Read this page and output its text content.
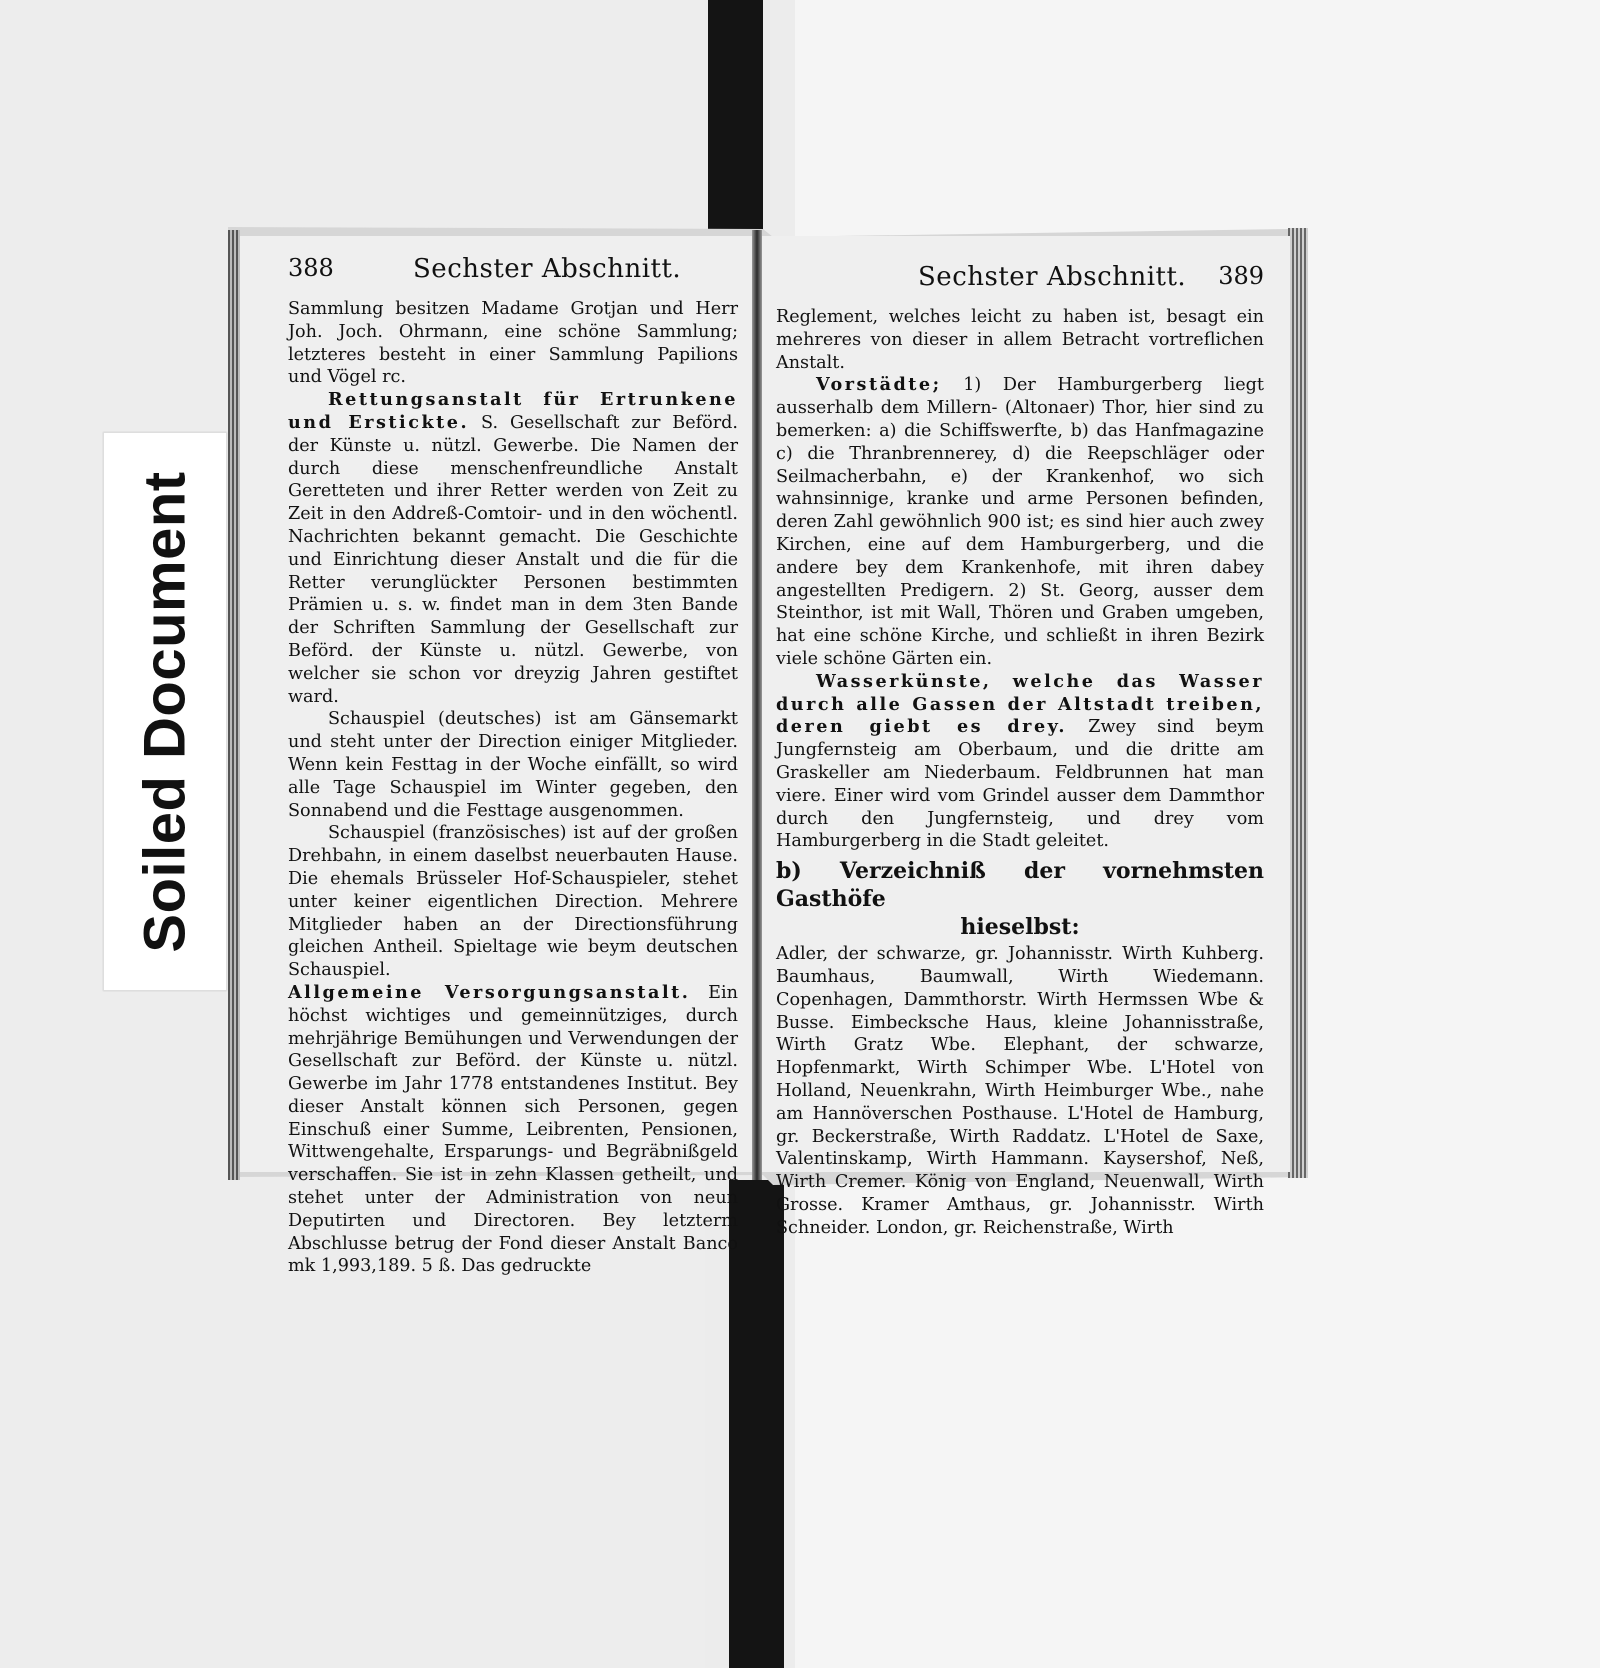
388	Sechster Abschnitt.

Sammlung besitzen Madame Grotjan und Herr Joh. Joch. Ohrmann, eine schöne Sammlung; letzteres besteht in einer Sammlung Papilions und Vögel rc.

Rettungsanstalt für Ertrunkene und Erstickte. S. Gesellschaft zur Beförd. der Künste u. nützl. Gewerbe. Die Namen der durch diese menschenfreundliche Anstalt Geretteten und ihrer Retter werden von Zeit zu Zeit in den Addreß-Comtoir- und in den wöchentl. Nachrichten bekannt gemacht. Die Geschichte und Einrichtung dieser Anstalt und die für die Retter verunglückter Personen bestimmten Prämien u. s. w. findet man in dem 3ten Bande der Schriften Sammlung der Gesellschaft zur Beförd. der Künste u. nützl. Gewerbe, von welcher sie schon vor dreyzig Jahren gestiftet ward.

Schauspiel (deutsches) ist am Gänsemarkt und steht unter der Direction einiger Mitglieder. Wenn kein Festtag in der Woche einfällt, so wird alle Tage Schauspiel im Winter gegeben, den Sonnabend und die Festtage ausgenommen.

Schauspiel (französisches) ist auf der großen Drehbahn, in einem daselbst neuerbauten Hause. Die ehemals Brüsseler Hof-Schauspieler, stehet unter keiner eigentlichen Direction. Mehrere Mitglieder haben an der Directionsführung gleichen Antheil. Spieltage wie beym deutschen Schauspiel.

Allgemeine Versorgungsanstalt. Ein höchst wichtiges und gemeinnütziges, durch mehrjährige Bemühungen und Verwendungen der Gesellschaft zur Beförd. der Künste u. nützl. Gewerbe im Jahr 1778 entstandenes Institut. Bey dieser Anstalt können sich Personen, gegen Einschuß einer Summe, Leibrenten, Pensionen, Wittwengehalte, Ersparungs- und Begräbnißgeld verschaffen. Sie ist in zehn Klassen getheilt, und stehet unter der Administration von neun Deputirten und Directoren. Bey letzterm Abschlusse betrug der Fond dieser Anstalt Banco mk 1,993,189. 5 ß. Das gedruckte

Sechster Abschnitt. 389

Reglement, welches leicht zu haben ist, besagt ein mehreres von dieser in allem Betracht vortreflichen Anstalt.

Vorstädte; 1) Der Hamburgerberg liegt ausserhalb dem Millern- (Altonaer) Thor, hier sind zu bemerken: a) die Schiffswerfte, b) das Hanfmagazine c) die Thranbrennerey, d) die Reepschläger oder Seilmacherbahn, e) der Krankenhof, wo sich wahnsinnige, kranke und arme Personen befinden, deren Zahl gewöhnlich 900 ist; es sind hier auch zwey Kirchen, eine auf dem Hamburgerberg, und die andere bey dem Krankenhofe, mit ihren dabey angestellten Predigern. 2) St. Georg, ausser dem Steinthor, ist mit Wall, Thören und Graben umgeben, hat eine schöne Kirche, und schließt in ihren Bezirk viele schöne Gärten ein.

Wasserkünste, welche das Wasser durch alle Gassen der Altstadt treiben, deren giebt es drey. Zwey sind beym Jungfernsteig am Oberbaum, und die dritte am Graskeller am Niederbaum. Feldbrunnen hat man viere. Einer wird vom Grindel ausser dem Dammthor durch den Jungfernsteig, und drey vom Hamburgerberg in die Stadt geleitet.

b) Verzeichniß der vornehmsten Gasthöfe
hieselbst:

Adler, der schwarze, gr. Johannisstr. Wirth Kuhberg. Baumhaus, Baumwall, Wirth Wiedemann. Copenhagen, Dammthorstr. Wirth Hermssen Wbe & Busse. Eimbecksche Haus, kleine Johannisstraße, Wirth Gratz Wbe. Elephant, der schwarze, Hopfenmarkt, Wirth Schimper Wbe. L'Hotel von Holland, Neuenkrahn, Wirth Heimburger Wbe., nahe am Hannöverschen Posthause. L'Hotel de Hamburg, gr. Beckerstraße, Wirth Raddatz. L'Hotel de Saxe, Valentinskamp, Wirth Hammann. Kaysershof, Neß, Wirth Cremer. König von England, Neuenwall, Wirth Grosse. Kramer Amthaus, gr. Johannisstr. Wirth Schneider. London, gr. Reichenstraße, Wirth

Soiled Document
